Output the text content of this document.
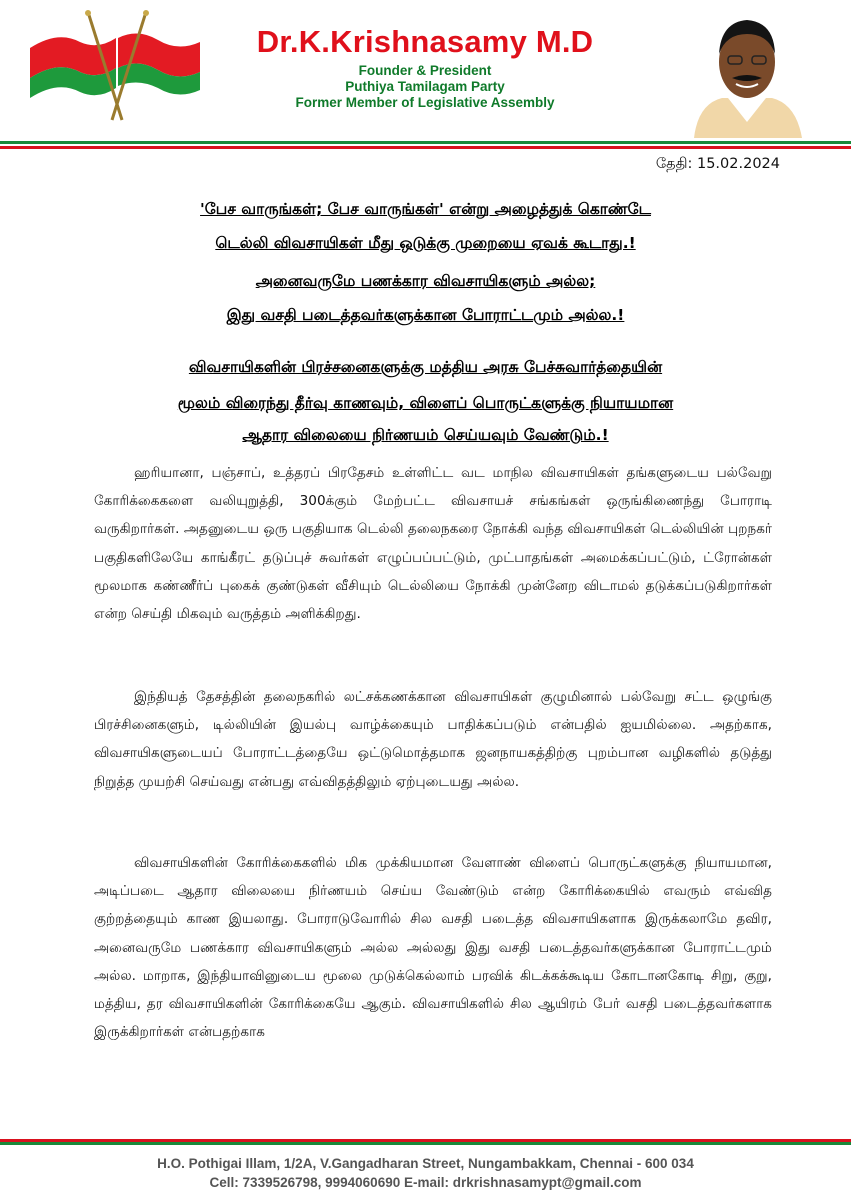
Dr.K.Krishnasamy M.D
Founder & President
Puthiya Tamilagam Party
Former Member of Legislative Assembly
தேதி: 15.02.2024
'பேச வாருங்கள்; பேச வாருங்கள்' என்று அழைத்துக் கொண்டே
டெல்லி விவசாயிகள் மீது ஒடுக்கு முறையை ஏவக் கூடாது.!
அனைவருமே பணக்கார விவசாயிகளும் அல்ல;
இது வசதி படைத்தவர்களுக்கான போராட்டமும் அல்ல.!
விவசாயிகளின் பிரச்சனைகளுக்கு மத்திய அரசு பேச்சுவார்த்தையின்
மூலம் விரைந்து தீர்வு காணவும், விளைப் பொருட்களுக்கு நியாயமான
ஆதார விலையை நிர்ணயம் செய்யவும் வேண்டும்.!
ஹரியானா, பஞ்சாப், உத்தரப் பிரதேசம் உள்ளிட்ட வட மாநில விவசாயிகள் தங்களுடைய பல்வேறு கோரிக்கைகளை வலியுறுத்தி, 300க்கும் மேற்பட்ட விவசாயச் சங்கங்கள் ஒருங்கிணைந்து போராடி வருகிறார்கள். அதனுடைய ஒரு பகுதியாக டெல்லி தலைநகரை நோக்கி வந்த விவசாயிகள் டெல்லியின் புறநகர் பகுதிகளிலேயே காங்கீரட் தடுப்புச் சுவர்கள் எழுப்பப்பட்டும், முட்பாதங்கள் அமைக்கப்பட்டும், ட்ரோன்கள் மூலமாக கண்ணீர்ப் புகைக் குண்டுகள் வீசியும் டெல்லியை நோக்கி முன்னேற விடாமல் தடுக்கப்படுகிறார்கள் என்ற செய்தி மிகவும் வருத்தம் அளிக்கிறது.
இந்தியத் தேசத்தின் தலைநகரில் லட்சக்கணக்கான விவசாயிகள் குழுமினால் பல்வேறு சட்ட ஒழுங்கு பிரச்சினைகளும், டில்லியின் இயல்பு வாழ்க்கையும் பாதிக்கப்படும் என்பதில் ஐயமில்லை. அதற்காக, விவசாயிகளுடையப் போராட்டத்தையே ஒட்டுமொத்தமாக ஜனநாயகத்திற்கு புறம்பான வழிகளில் தடுத்து நிறுத்த முயற்சி செய்வது என்பது எவ்விதத்திலும் ஏற்புடையது அல்ல.
விவசாயிகளின் கோரிக்கைகளில் மிக முக்கியமான வேளாண் விளைப் பொருட்களுக்கு நியாயமான, அடிப்படை ஆதார விலையை நிர்ணயம் செய்ய வேண்டும் என்ற கோரிக்கையில் எவரும் எவ்வித குற்றத்தையும் காண இயலாது. போராடுவோரில் சில வசதி படைத்த விவசாயிகளாக இருக்கலாமே தவிர, அனைவருமே பணக்கார விவசாயிகளும் அல்ல அல்லது இது வசதி படைத்தவர்களுக்கான போராட்டமும் அல்ல. மாறாக, இந்தியாவினுடைய மூலை முடுக்கெல்லாம் பரவிக் கிடக்கக்கூடிய கோடானகோடி சிறு, குறு, மத்திய, தர விவசாயிகளின் கோரிக்கையே ஆகும். விவசாயிகளில் சில ஆயிரம் பேர் வசதி படைத்தவர்களாக இருக்கிறார்கள் என்பதற்காக
H.O. Pothigai Illam, 1/2A, V.Gangadharan Street, Nungambakkam, Chennai - 600 034
Cell: 7339526798, 9994060690 E-mail: drkrishnasamypt@gmail.com
